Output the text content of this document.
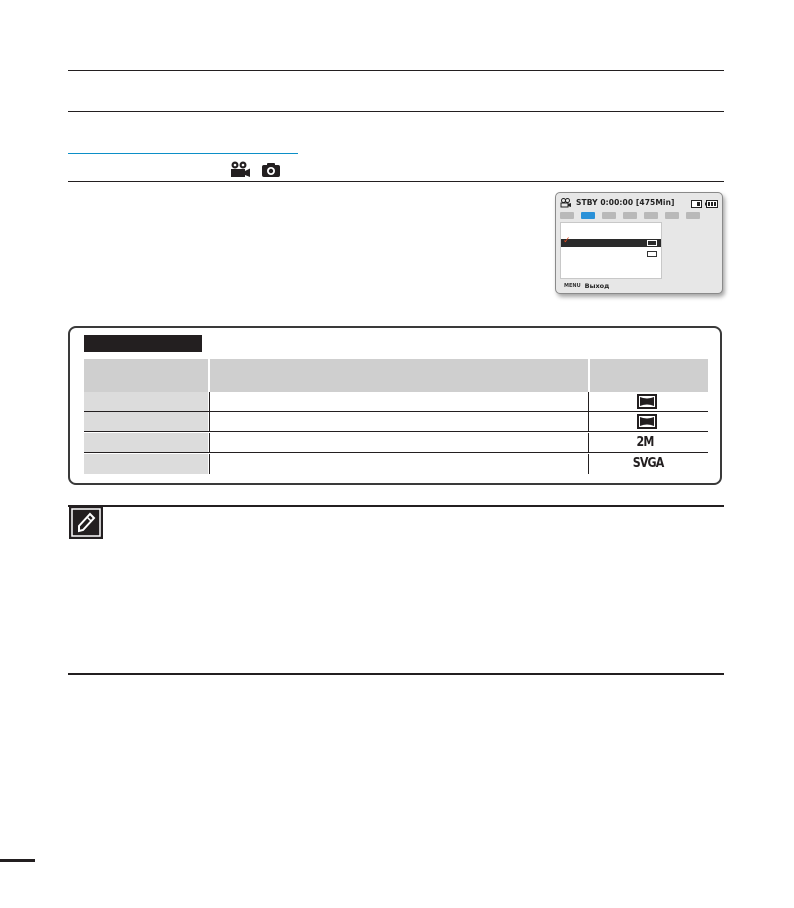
STBY 0:00:00 [475Min]
✓
MENU Выход
2M
SVGA
